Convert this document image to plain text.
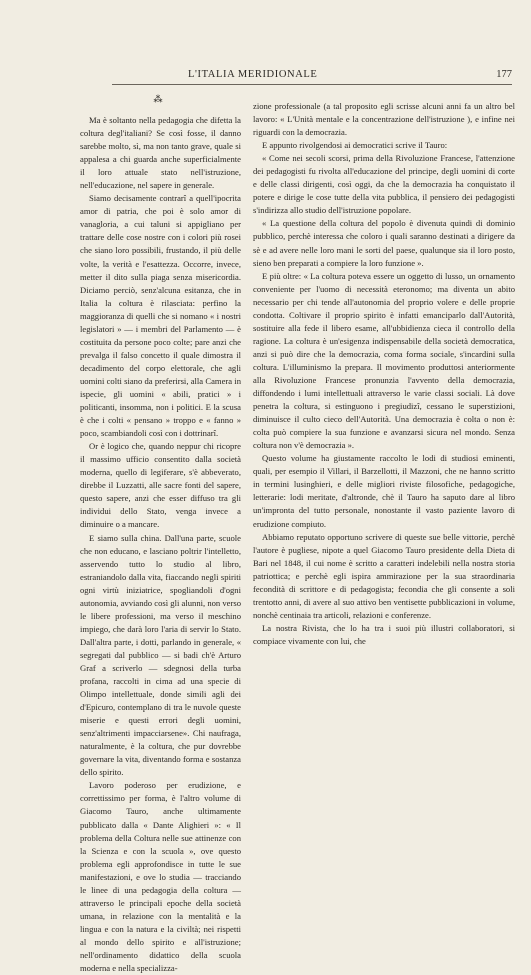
L'ITALIA MERIDIONALE	177
⁂

Ma è soltanto nella pedagogia che difetta la coltura degl'italiani? Se così fosse, il danno sarebbe molto, sì, ma non tanto grave, quale si appalesa a chi guarda anche superficialmente il loro attuale stato nell'istruzione, nell'educazione, nel sapere in generale.

Siamo decisamente contrarî a quell'ipocrita amor di patria, che poi è solo amor di vanagloria, a cui taluni si appigliano per trattare delle cose nostre con i colori più rosei che siano loro possibili, frustando, il più delle volte, la verità e l'esattezza. Occorre, invece, metter il dito sulla piaga senza misericordia. Diciamo perciò, senz'alcuna esitanza, che in Italia la coltura è rilasciata: perfino la maggioranza di quelli che si nomano « i nostri legislatori » — i membri del Parlamento — è costituita da persone poco colte; pare anzi che prevalga il falso concetto il quale dimostra il decadimento del corpo elettorale, che agli uomini colti siano da preferirsi, alla Camera in ispecie, gli uomini « abili, pratici » i politicanti, insomma, non i politici. E la scusa è che i colti « pensano » troppo e « fanno » poco, scambiandoli così con i dottrinarî.

Or è logico che, quando neppur chi ricopre il massimo ufficio consentito dalla società moderna, quello di legiferare, s'è abbeverato, direbbe il Luzzatti, alle sacre fonti del sapere, questo sapere, anzi che esser diffuso tra gli individui dello Stato, venga invece a diminuire o a mancare.

E siamo sulla china. Dall'una parte, scuole che non educano, e lasciano poltrir l'intelletto, asservendo tutto lo studio al libro, estraniandolo dalla vita, fiaccando negli spiriti ogni virtù iniziatrice, spogliandoli d'ogni autonomia, avviando così gli alunni, non verso le libere professioni, ma verso il meschino impiego, che darà loro l'aria di servir lo Stato. Dall'altra parte, i dotti, parlando in generale, « segregati dal pubblico — si badi ch'è Arturo Graf a scriverlo — sdegnosi della turba profana, raccolti in cima ad una specie di Olimpo intellettuale, donde simili agli dei d'Epicuro, contemplano di tra le nuvole queste miserie e questi errori degli uomini, senz'altrimenti impacciarsene». Chi naufraga, naturalmente, è la coltura, che pur dovrebbe governare la vita, diventando forma e sostanza dello spirito.

Lavoro poderoso per erudizione, e correttissimo per forma, è l'altro volume di Giacomo Tauro, anche ultimamente pubblicato dalla « Dante Alighieri »: « Il problema della Coltura nelle sue attinenze con la Scienza e con la scuola », ove questo problema egli approfondisce in tutte le sue manifestazioni, e ove lo studia — tracciando le linee di una pedagogia della coltura — attraverso le principali epoche della società umana, in relazione con la mentalità e la lingua e con la natura e la civiltà; nei rispetti al mondo dello spirito e all'istruzione; nell'ordinamento didattico della scuola moderna e nella specializza-

zione professionale (a tal proposito egli scrisse alcuni anni fa un altro bel lavoro: « L'Unità mentale e la concentrazione dell'istruzione ), e infine nei riguardi con la democrazia.

E appunto rivolgendosi ai democratici scrive il Tauro:

« Come nei secoli scorsi, prima della Rivoluzione Francese, l'attenzione dei pedagogisti fu rivolta all'educazione del principe, degli uomini di corte e delle classi dirigenti, così oggi, da che la democrazia ha conquistato il potere e dirige le cose tutte della vita pubblica, il pensiero dei pedagogisti s'indirizza allo studio dell'istruzione popolare.

« La questione della coltura del popolo è divenuta quindi di dominio pubblico, perchè interessa che coloro i quali saranno destinati a dirigere da sè e ad avere nelle loro mani le sorti del paese, qualunque sia il loro posto, sieno ben preparati a compiere la loro funzione ».

E più oltre: « La coltura poteva essere un oggetto di lusso, un ornamento conveniente per l'uomo di necessità eteronomo; ma diventa un abito necessario per chi tende all'autonomia del proprio volere e delle proprie condotta. Coltivare il proprio spirito è infatti emanciparlo dall'Autorità, sostituire alla fede il libero esame, all'ubbidienza cieca il controllo della ragione. La coltura è un'esigenza indispensabile della società democratica, anzi si può dire che la democrazia, coma forma sociale, s'incardini sulla coltura. L'illuminismo la prepara. Il movimento produttosi anteriormente alla Rivoluzione Francese pronunzia l'avvento della democrazia, diffondendo i lumi intellettuali attraverso le varie classi sociali. Là dove penetra la coltura, si estinguono i pregiudizî, cessano le superstizioni, diminuisce il culto cieco dell'Autorità. Una democrazia è colta o non è: colta può compiere la sua funzione e avanzarsi sicura nel mondo. Senza coltura non v'è democrazia ».

Questo volume ha giustamente raccolto le lodi di studiosi eminenti, quali, per esempio il Villari, il Barzellotti, il Mazzoni, che ne hanno scritto in termini lusinghieri, e delle migliori riviste filosofiche, pedagogiche, letterarie: lodi meritate, d'altronde, chè il Tauro ha saputo dare al libro un'impronta del tutto personale, nonostante il vasto paziente lavoro di erudizione compiuto.

Abbiamo reputato opportuno scrivere di queste sue belle vittorie, perchè l'autore è pugliese, nipote a quel Giacomo Tauro presidente della Dieta di Bari nel 1848, il cui nome è scritto a caratteri indelebili nella nostra storia patriottica; e perchè egli ispira ammirazione per la sua straordinaria fecondità di scrittore e di pedagogista; fecondia che gli consente a soli trentotto anni, di avere al suo attivo ben ventisette pubblicazioni in volume, nonchè centinaia tra articoli, relazioni e conferenze.

La nostra Rivista, che lo ha tra i suoi più illustri collaboratori, si compiace vivamente con lui, che
